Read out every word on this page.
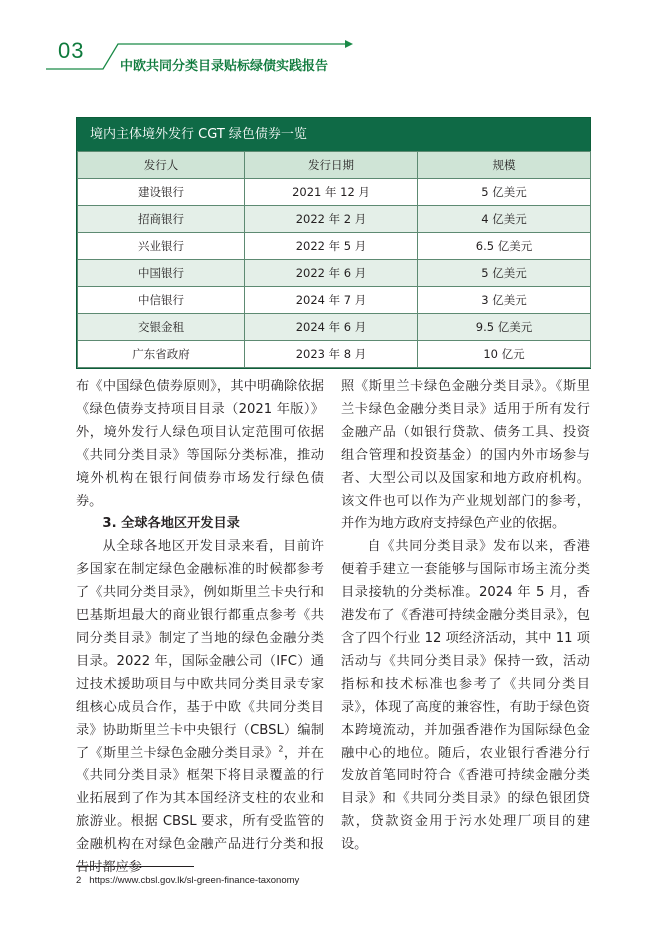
03
中欧共同分类目录贴标绿债实践报告
境内主体境外发行 CGT 绿色债券一览
发行人	发行日期	规模
建设银行	2021 年 12 月	5 亿美元
招商银行	2022 年 2 月	4 亿美元
兴业银行	2022 年 5 月	6.5 亿美元
中国银行	2022 年 6 月	5 亿美元
中信银行	2024 年 7 月	3 亿美元
交银金租	2024 年 6 月	9.5 亿美元
广东省政府	2023 年 8 月	10 亿元

布《中国绿色债券原则》，其中明确除依据《绿色债券支持项目目录（2021 年版）》外，境外发行人绿色项目认定范围可依据《共同分类目录》等国际分类标准，推动境外机构在银行间债券市场发行绿色债券。

3. 全球各地区开发目录

从全球各地区开发目录来看，目前许多国家在制定绿色金融标准的时候都参考了《共同分类目录》，例如斯里兰卡央行和巴基斯坦最大的商业银行都重点参考《共同分类目录》制定了当地的绿色金融分类目录。2022 年，国际金融公司（IFC）通过技术援助项目与中欧共同分类目录专家组核心成员合作，基于中欧《共同分类目录》协助斯里兰卡中央银行（CBSL）编制了《斯里兰卡绿色金融分类目录》$^2$，并在《共同分类目录》框架下将目录覆盖的行业拓展到了作为其本国经济支柱的农业和旅游业。根据 CBSL 要求，所有受监管的金融机构在对绿色金融产品进行分类和报告时都应参

照《斯里兰卡绿色金融分类目录》。《斯里兰卡绿色金融分类目录》适用于所有发行金融产品（如银行贷款、债务工具、投资组合管理和投资基金）的国内外市场参与者、大型公司以及国家和地方政府机构。该文件也可以作为产业规划部门的参考，并作为地方政府支持绿色产业的依据。

自《共同分类目录》发布以来，香港便着手建立一套能够与国际市场主流分类目录接轨的分类标准。2024 年 5 月，香港发布了《香港可持续金融分类目录》，包含了四个行业 12 项经济活动，其中 11 项活动与《共同分类目录》保持一致，活动指标和技术标准也参考了《共同分类目录》，体现了高度的兼容性，有助于绿色资本跨境流动，并加强香港作为国际绿色金融中心的地位。随后，农业银行香港分行发放首笔同时符合《香港可持续金融分类目录》和《共同分类目录》的绿色银团贷款，贷款资金用于污水处理厂项目的建设。

2 https://www.cbsl.gov.lk/sl-green-finance-taxonomy
